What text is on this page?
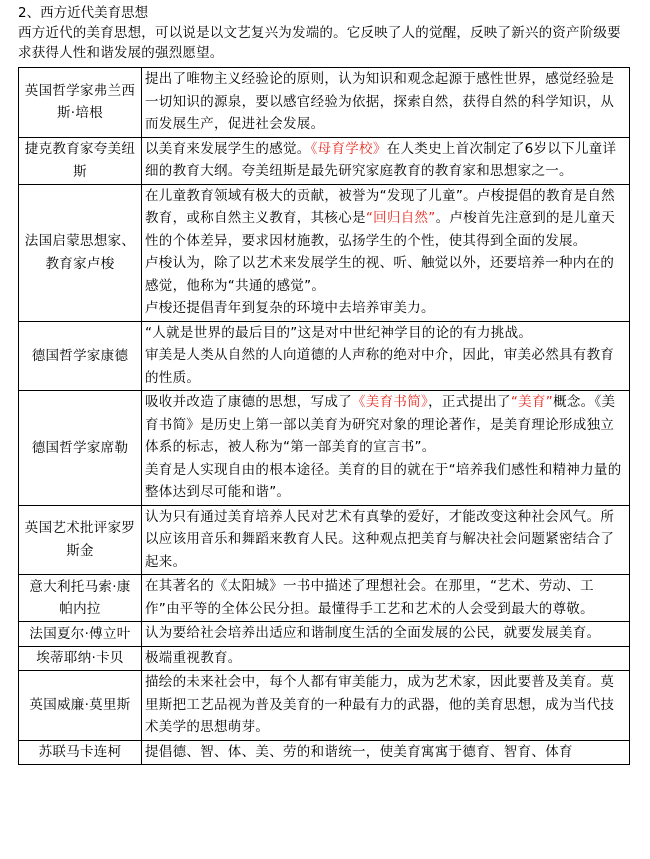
2、西方近代美育思想
西方近代的美育思想，可以说是以文艺复兴为发端的。它反映了人的觉醒，反映了新兴的资产阶级要求获得人性和谐发展的强烈愿望。
英国哲学家弗兰西斯·培根	提出了唯物主义经验论的原则，认为知识和观念起源于感性世界，感觉经验是一切知识的源泉，要以感官经验为依据，探索自然，获得自然的科学知识，从而发展生产，促进社会发展。

捷克教育家夸美纽斯	以美育来发展学生的感觉。《母育学校》在人类史上首次制定了6岁以下儿童详细的教育大纲。夸美纽斯是最先研究家庭教育的教育家和思想家之一。

法国启蒙思想家、教育家卢梭	在儿童教育领域有极大的贡献，被誉为“发现了儿童”。卢梭提倡的教育是自然教育，或称自然主义教育，其核心是“回归自然”。卢梭首先注意到的是儿童天性的个体差异，要求因材施教，弘扬学生的个性，使其得到全面的发展。
卢梭认为，除了以艺术来发展学生的视、听、触觉以外，还要培养一种内在的感觉，他称为“共通的感觉”。
卢梭还提倡青年到复杂的环境中去培养审美力。

德国哲学家康德	“人就是世界的最后目的”这是对中世纪神学目的论的有力挑战。
审美是人类从自然的人向道德的人声称的绝对中介，因此，审美必然具有教育的性质。

德国哲学家席勒	吸收并改造了康德的思想，写成了《美育书简》，正式提出了“美育”概念。《美育书简》是历史上第一部以美育为研究对象的理论著作，是美育理论形成独立体系的标志，被人称为“第一部美育的宣言书”。
美育是人实现自由的根本途径。美育的目的就在于“培养我们感性和精神力量的整体达到尽可能和谐”。

英国艺术批评家罗斯金	认为只有通过美育培养人民对艺术有真挚的爱好，才能改变这种社会风气。所以应该用音乐和舞蹈来教育人民。这种观点把美育与解决社会问题紧密结合了起来。

意大利托马索·康帕内拉	在其著名的《太阳城》一书中描述了理想社会。在那里，“艺术、劳动、工作”由平等的全体公民分担。最懂得手工艺和艺术的人会受到最大的尊敬。

法国夏尔·傅立叶	认为要给社会培养出适应和谐制度生活的全面发展的公民，就要发展美育。

埃蒂耶纳·卡贝	极端重视教育。

英国威廉·莫里斯	描绘的未来社会中，每个人都有审美能力，成为艺术家，因此要普及美育。莫里斯把工艺品视为普及美育的一种最有力的武器，他的美育思想，成为当代技术美学的思想萌芽。

苏联马卡连柯	提倡德、智、体、美、劳的和谐统一，使美育寓寓于德育、智育、体育
